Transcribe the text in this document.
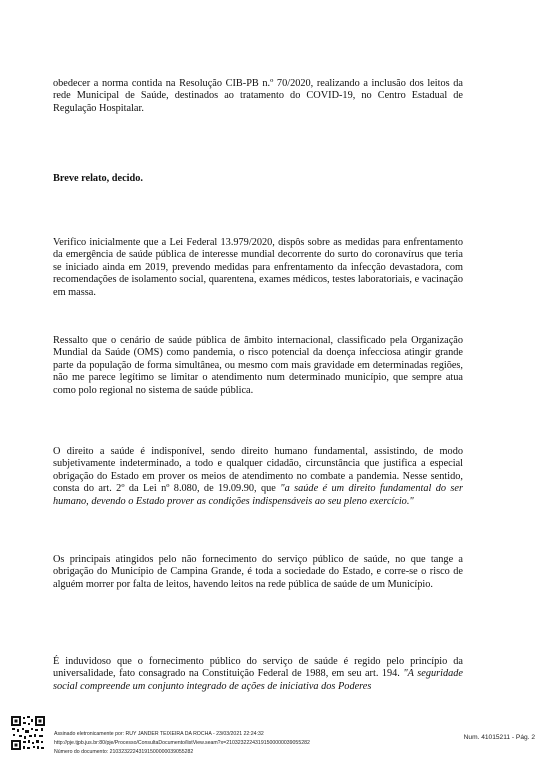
obedecer a norma contida na Resolução CIB-PB n.º 70/2020, realizando a inclusão dos leitos da rede Municipal de Saúde, destinados ao tratamento do COVID-19, no Centro Estadual de Regulação Hospitalar.

Breve relato, decido.

Verifico inicialmente que a Lei Federal 13.979/2020, dispôs sobre as medidas para enfrentamento da emergência de saúde pública de interesse mundial decorrente do surto do coronavírus que teria se iniciado ainda em 2019, prevendo medidas para enfrentamento da infecção devastadora, com recomendações de isolamento social, quarentena, exames médicos, testes laboratoriais, e vacinação em massa.

Ressalto que o cenário de saúde pública de âmbito internacional, classificado pela Organização Mundial da Saúde (OMS) como pandemia, o risco potencial da doença infecciosa atingir grande parte da população de forma simultânea, ou mesmo com mais gravidade em determinadas regiões, não me parece legítimo se limitar o atendimento num determinado município, que sempre atua como polo regional no sistema de saúde pública.

O direito a saúde é indisponível, sendo direito humano fundamental, assistindo, de modo subjetivamente indeterminado, a todo e qualquer cidadão, circunstância que justifica a especial obrigação do Estado em prover os meios de atendimento no combate a pandemia. Nesse sentido, consta do art. 2º da Lei nº 8.080, de 19.09.90, que "a saúde é um direito fundamental do ser humano, devendo o Estado prover as condições indispensáveis ao seu pleno exercício."

Os principais atingidos pelo não fornecimento do serviço público de saúde, no que tange a obrigação do Município de Campina Grande, é toda a sociedade do Estado, e corre-se o risco de alguém morrer por falta de leitos, havendo leitos na rede pública de saúde de um Município.

É induvidoso que o fornecimento público do serviço de saúde é regido pelo princípio da universalidade, fato consagrado na Constituição Federal de 1988, em seu art. 194. "A seguridade social compreende um conjunto integrado de ações de iniciativa dos Poderes

Assinado eletronicamente por: RUY JANDER TEIXEIRA DA ROCHA - 23/03/2021 22:24:32
http://pje.tjpb.jus.br:80/pje/Processo/ConsultaDocumento/listView.seam?x=21032322243191500000039055282
Número do documento: 21032322243191500000039055282
Num. 41015211 - Pág. 2
